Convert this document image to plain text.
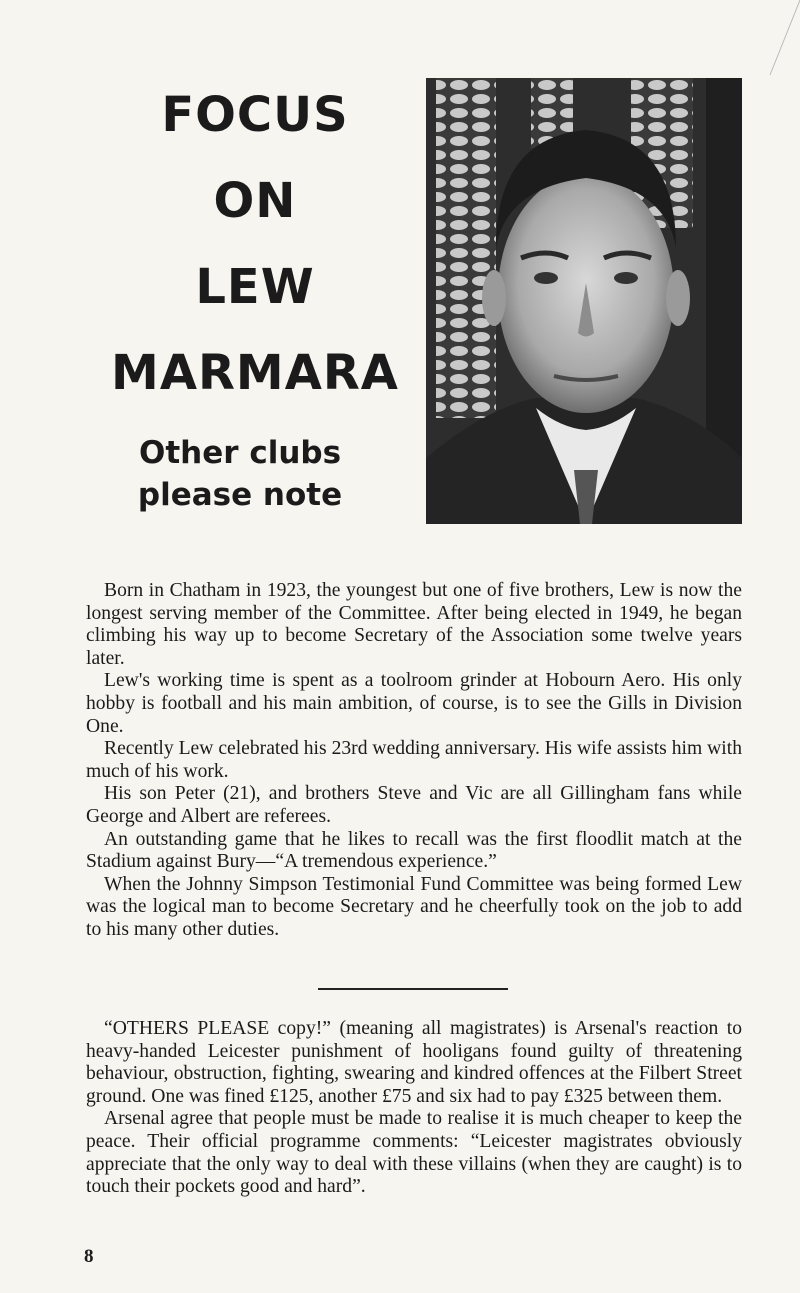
FOCUS
ON
LEW
MARMARA
Other clubs
please note

Born in Chatham in 1923, the youngest but one of five brothers, Lew is now the longest serving member of the Committee. After being elected in 1949, he began climbing his way up to become Secretary of the Association some twelve years later.

Lew's working time is spent as a toolroom grinder at Hobourn Aero. His only hobby is football and his main ambition, of course, is to see the Gills in Division One.

Recently Lew celebrated his 23rd wedding anniversary. His wife assists him with much of his work.

His son Peter (21), and brothers Steve and Vic are all Gillingham fans while George and Albert are referees.

An outstanding game that he likes to recall was the first floodlit match at the Stadium against Bury—“A tremendous experience.”

When the Johnny Simpson Testimonial Fund Committee was being formed Lew was the logical man to become Secretary and he cheerfully took on the job to add to his many other duties.

“OTHERS PLEASE copy!” (meaning all magistrates) is Arsenal's reaction to heavy-handed Leicester punishment of hooligans found guilty of threatening behaviour, obstruction, fighting, swearing and kindred offences at the Filbert Street ground. One was fined £125, another £75 and six had to pay £325 between them.

Arsenal agree that people must be made to realise it is much cheaper to keep the peace. Their official programme comments: “Leicester magistrates obviously appreciate that the only way to deal with these villains (when they are caught) is to touch their pockets good and hard”.

8
